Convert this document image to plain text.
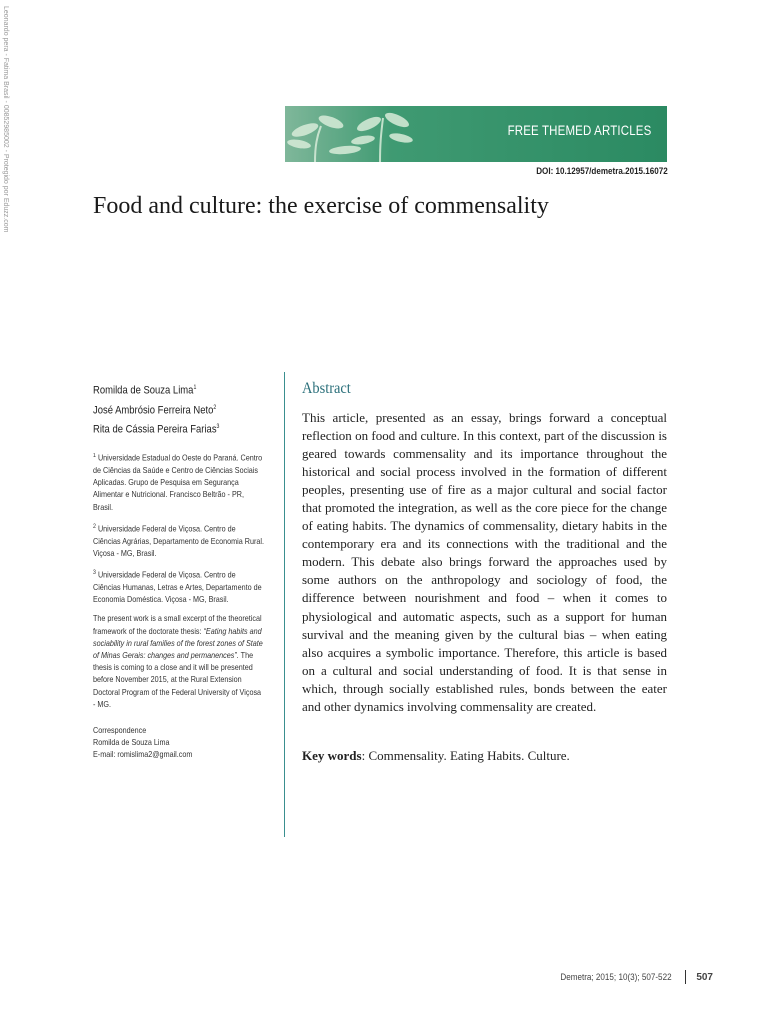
Leonardo pera - Fatima Brasil - 00852985002 - Protegido por Eduzz.com	FREE THEMED ARTICLES
DOI: 10.12957/demetra.2015.16072
Food and culture: the exercise of commensality
Romilda de Souza Lima$^1$
José Ambrósio Ferreira Neto$^2$
Rita de Cássia Pereira Farias$^3$

$^1$ Universidade Estadual do Oeste do Paraná. Centro de Ciências da Saúde e Centro de Ciências Sociais Aplicadas. Grupo de Pesquisa em Segurança Alimentar e Nutricional. Francisco Beltrão - PR, Brasil.

$^2$ Universidade Federal de Viçosa. Centro de Ciências Agrárias, Departamento de Economia Rural. Viçosa - MG, Brasil.

$^3$ Universidade Federal de Viçosa. Centro de Ciências Humanas, Letras e Artes, Departamento de Economia Doméstica. Viçosa - MG, Brasil.

The present work is a small excerpt of the theoretical framework of the doctorate thesis: “Eating habits and sociability in rural families of the forest zones of State of Minas Gerais: changes and permanences”. The thesis is coming to a close and it will be presented before November 2015, at the Rural Extension Doctoral Program of the Federal University of Viçosa - MG.
Correspondence
Romilda de Souza Lima
E-mail: romislima2@gmail.com
Abstract
This article, presented as an essay, brings forward a conceptual reflection on food and culture. In this context, part of the discussion is geared towards commensality and its importance throughout the historical and social process involved in the formation of different peoples, presenting use of fire as a major cultural and social factor that promoted the integration, as well as the core piece for the change of eating habits. The dynamics of commensality, dietary habits in the contemporary era and its connections with the traditional and the modern. This debate also brings forward the approaches used by some authors on the anthropology and sociology of food, the difference between nourishment and food – when it comes to physiological and automatic aspects, such as a support for human survival and the meaning given by the cultural bias – when eating also acquires a symbolic importance. Therefore, this article is based on a cultural and social understanding of food. It is that sense in which, through socially established rules, bonds between the eater and other dynamics involving commensality are created.
Key words: Commensality. Eating Habits. Culture.
Demetra; 2015; 10(3); 507-522	507
